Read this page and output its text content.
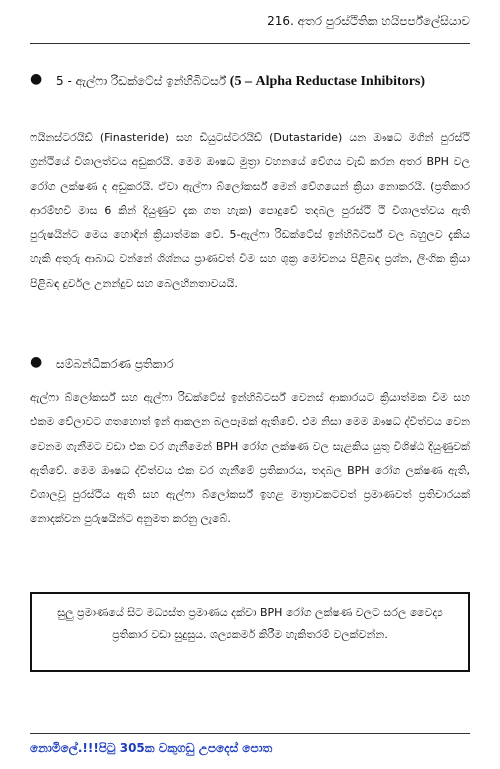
216. අතර පුරස්ථිතික හයිපර්ප්ලේසියාව
●	5 - ඇල්ෆා රිඩක්ටේස් ඉන්හිබිටර්ස් (5 – Alpha Reductase Inhibitors)
ෆයිනස්ටරයිඩ් (Finasteride) සහ ඩියුටස්ටරයිඩ් (Dutastaride) යන ඖෂධ මගින් පුරස්ථි ග්‍රන්ථියේ විශාලත්වය අඩුකරයි. මෙම ඖෂධ මුත්‍රා වහනයේ වේගය වැඩි කරන අතර BPH වල රෝග ලක්ෂණ ද අඩුකරයි. ඒවා ඇල්ෆා බ්ලෝකර්ස් මෙන් වේගයෙන් ක්‍රියා නොකරයි. (ප්‍රතිකාර ආරම්භවී මාස 6 කින් දියුණුව දැක ගත හැක) පොදුවේ තදබල පුරස්ථි ථි විශාලත්වය ඇති පුරුෂයින්ට මෙය හොඳින් ක්‍රියාත්මක වේ. 5-ඇල්ෆා රිඩක්ටේස් ඉන්හිබිටර්ස් වල බහුලව දැකිය හැකි අතුරු ආබාධ වන්නේ ශිශ්නය ප්‍රාණවත් වීම සහ ශුක්‍ර මෝචනය පිළිබඳ ප්‍රශ්න, ලිංගික ක්‍රියා පිළිබඳ දුර්වල උනන්දුව සහ බෙලහීනතාවයයි.
●	සම්බන්ධීකරණ ප්‍රතිකාර
ඇල්ෆා බ්ලෝකර්ස් සහ ඇල්ෆා රිඩක්ටේස් ඉන්හිබිටර්ස් වෙනස් ආකාරයට ක්‍රියාත්මක වීම සහ එකම වේලාවට ගතහොත් ඉන් ආකලන බලපෑමක් ඇතිවේ. එම නිසා මෙම ඖෂධ ද්විත්වය වෙන වෙනම ගැනීමට වඩා එක වර ගැනීමෙන් BPH රෝග ලක්ෂණ වල සැළකිය යුතු විශිෂ්ඨ දියුණුවක් ඇතිවේ. මෙම ඖෂධ ද්විත්වය එක වර ගැනීමේ ප්‍රතිකාරය, තදබල BPH රෝග ලක්ෂණ ඇති, විශාලවූ පුරස්ථිය ඇති සහ ඇල්ෆා බ්ලෝකර්ස් ඉහළ මාත්‍රාවකටවත් ප්‍රමාණවත් ප්‍රතිචාරයක් නොදක්වන පුරුෂයින්ට අනුමත කරනු ලැබේ.
සුලු ප්‍රමාණයේ සිට මධ්‍යස්ත ප්‍රමාණය දක්වා BPH රෝග ලක්ෂණ වලට සරල වෛද්‍ය ප්‍රතිකාර වඩා සුදුසුය. ශල්‍යකර්ම කිරීම හැකිතරම් වලක්වන්න.
නොමිලේ.!!!පිටු 305ක වකුගඩු උපදෙස් පොත
